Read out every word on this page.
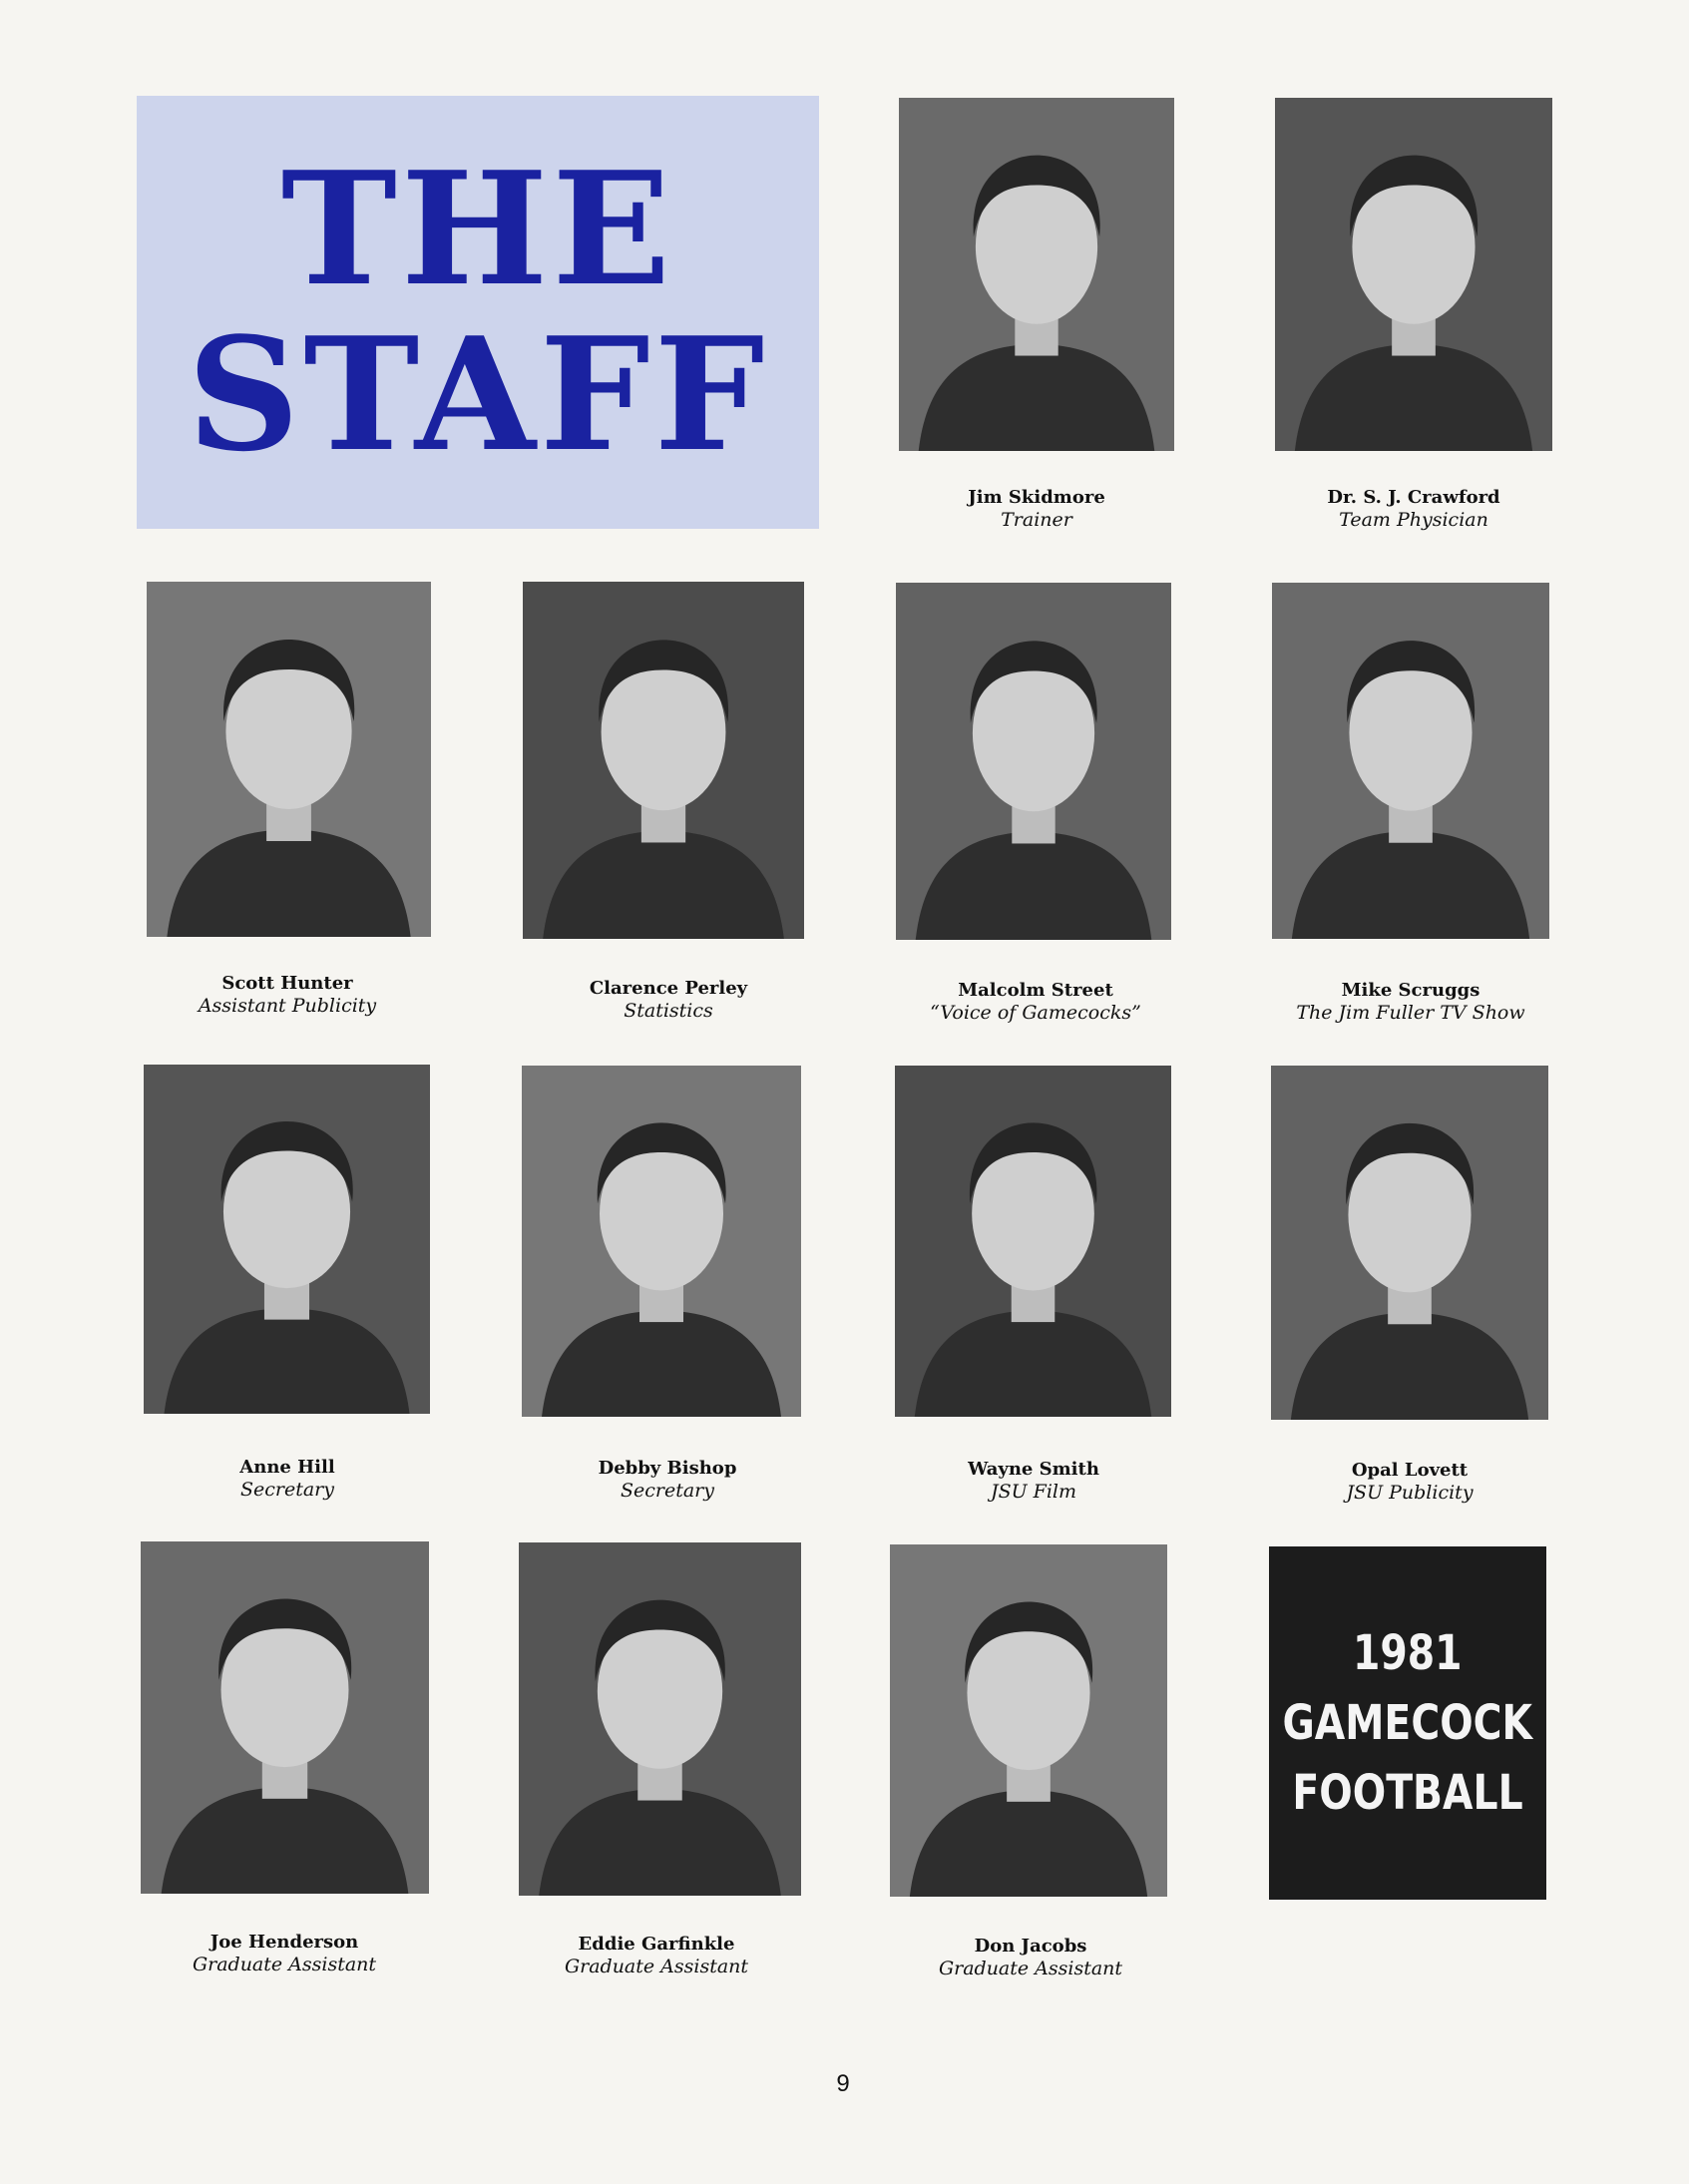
THE
STAFF
Jim Skidmore
Trainer
Dr. S. J. Crawford
Team Physician
Scott Hunter
Assistant Publicity
Clarence Perley
Statistics
Malcolm Street
“Voice of Gamecocks”
Mike Scruggs
The Jim Fuller TV Show
Anne Hill
Secretary
Debby Bishop
Secretary
Wayne Smith
JSU Film
Opal Lovett
JSU Publicity
Joe Henderson
Graduate Assistant
Eddie Garfinkle
Graduate Assistant
Don Jacobs
Graduate Assistant
1981
GAMECOCK
FOOTBALL
9
